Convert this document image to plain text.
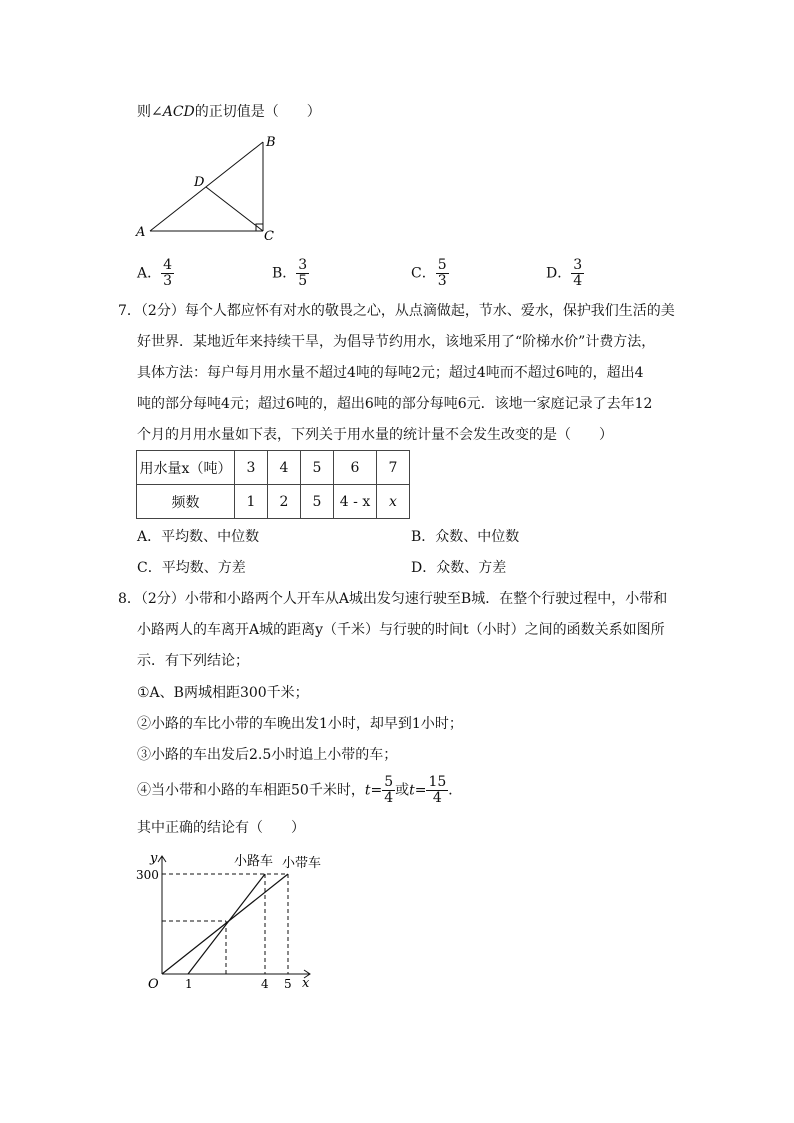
则∠ACD的正切值是（　　）
A
B
C
D
A． $\frac{4}{3}$	B． $\frac{3}{5}$	C． $\frac{5}{3}$	D． $\frac{3}{4}$
7．（2分）每个人都应怀有对水的敬畏之心，从点滴做起，节水、爱水，保护我们生活的美
好世界．某地近年来持续干旱，为倡导节约用水，该地采用了“阶梯水价”计费方法，
具体方法：每户每月用水量不超过4吨的每吨2元；超过4吨而不超过6吨的，超出4
吨的部分每吨4元；超过6吨的，超出6吨的部分每吨6元．该地一家庭记录了去年12
个月的月用水量如下表，下列关于用水量的统计量不会发生改变的是（　　）
用水量x（吨）	3	4	5	6	7
频数	1	2	5	4 - x	x
A．平均数、中位数	B．众数、中位数
C．平均数、方差	D．众数、方差
8．（2分）小带和小路两个人开车从A城出发匀速行驶至B城．在整个行驶过程中，小带和
小路两人的车离开A城的距离y（千米）与行驶的时间t（小时）之间的函数关系如图所
示．有下列结论；
①A、B两城相距300千米；
②小路的车比小带的车晚出发1小时，却早到1小时；
③小路的车出发后2.5小时追上小带的车；
④当小带和小路的车相距50千米时，$t= \frac{5}{4}$ 或$t= \frac{15}{4}$ ．
其中正确的结论有（　　）
y
x
O
300
1	4 5
小路车 小带车
